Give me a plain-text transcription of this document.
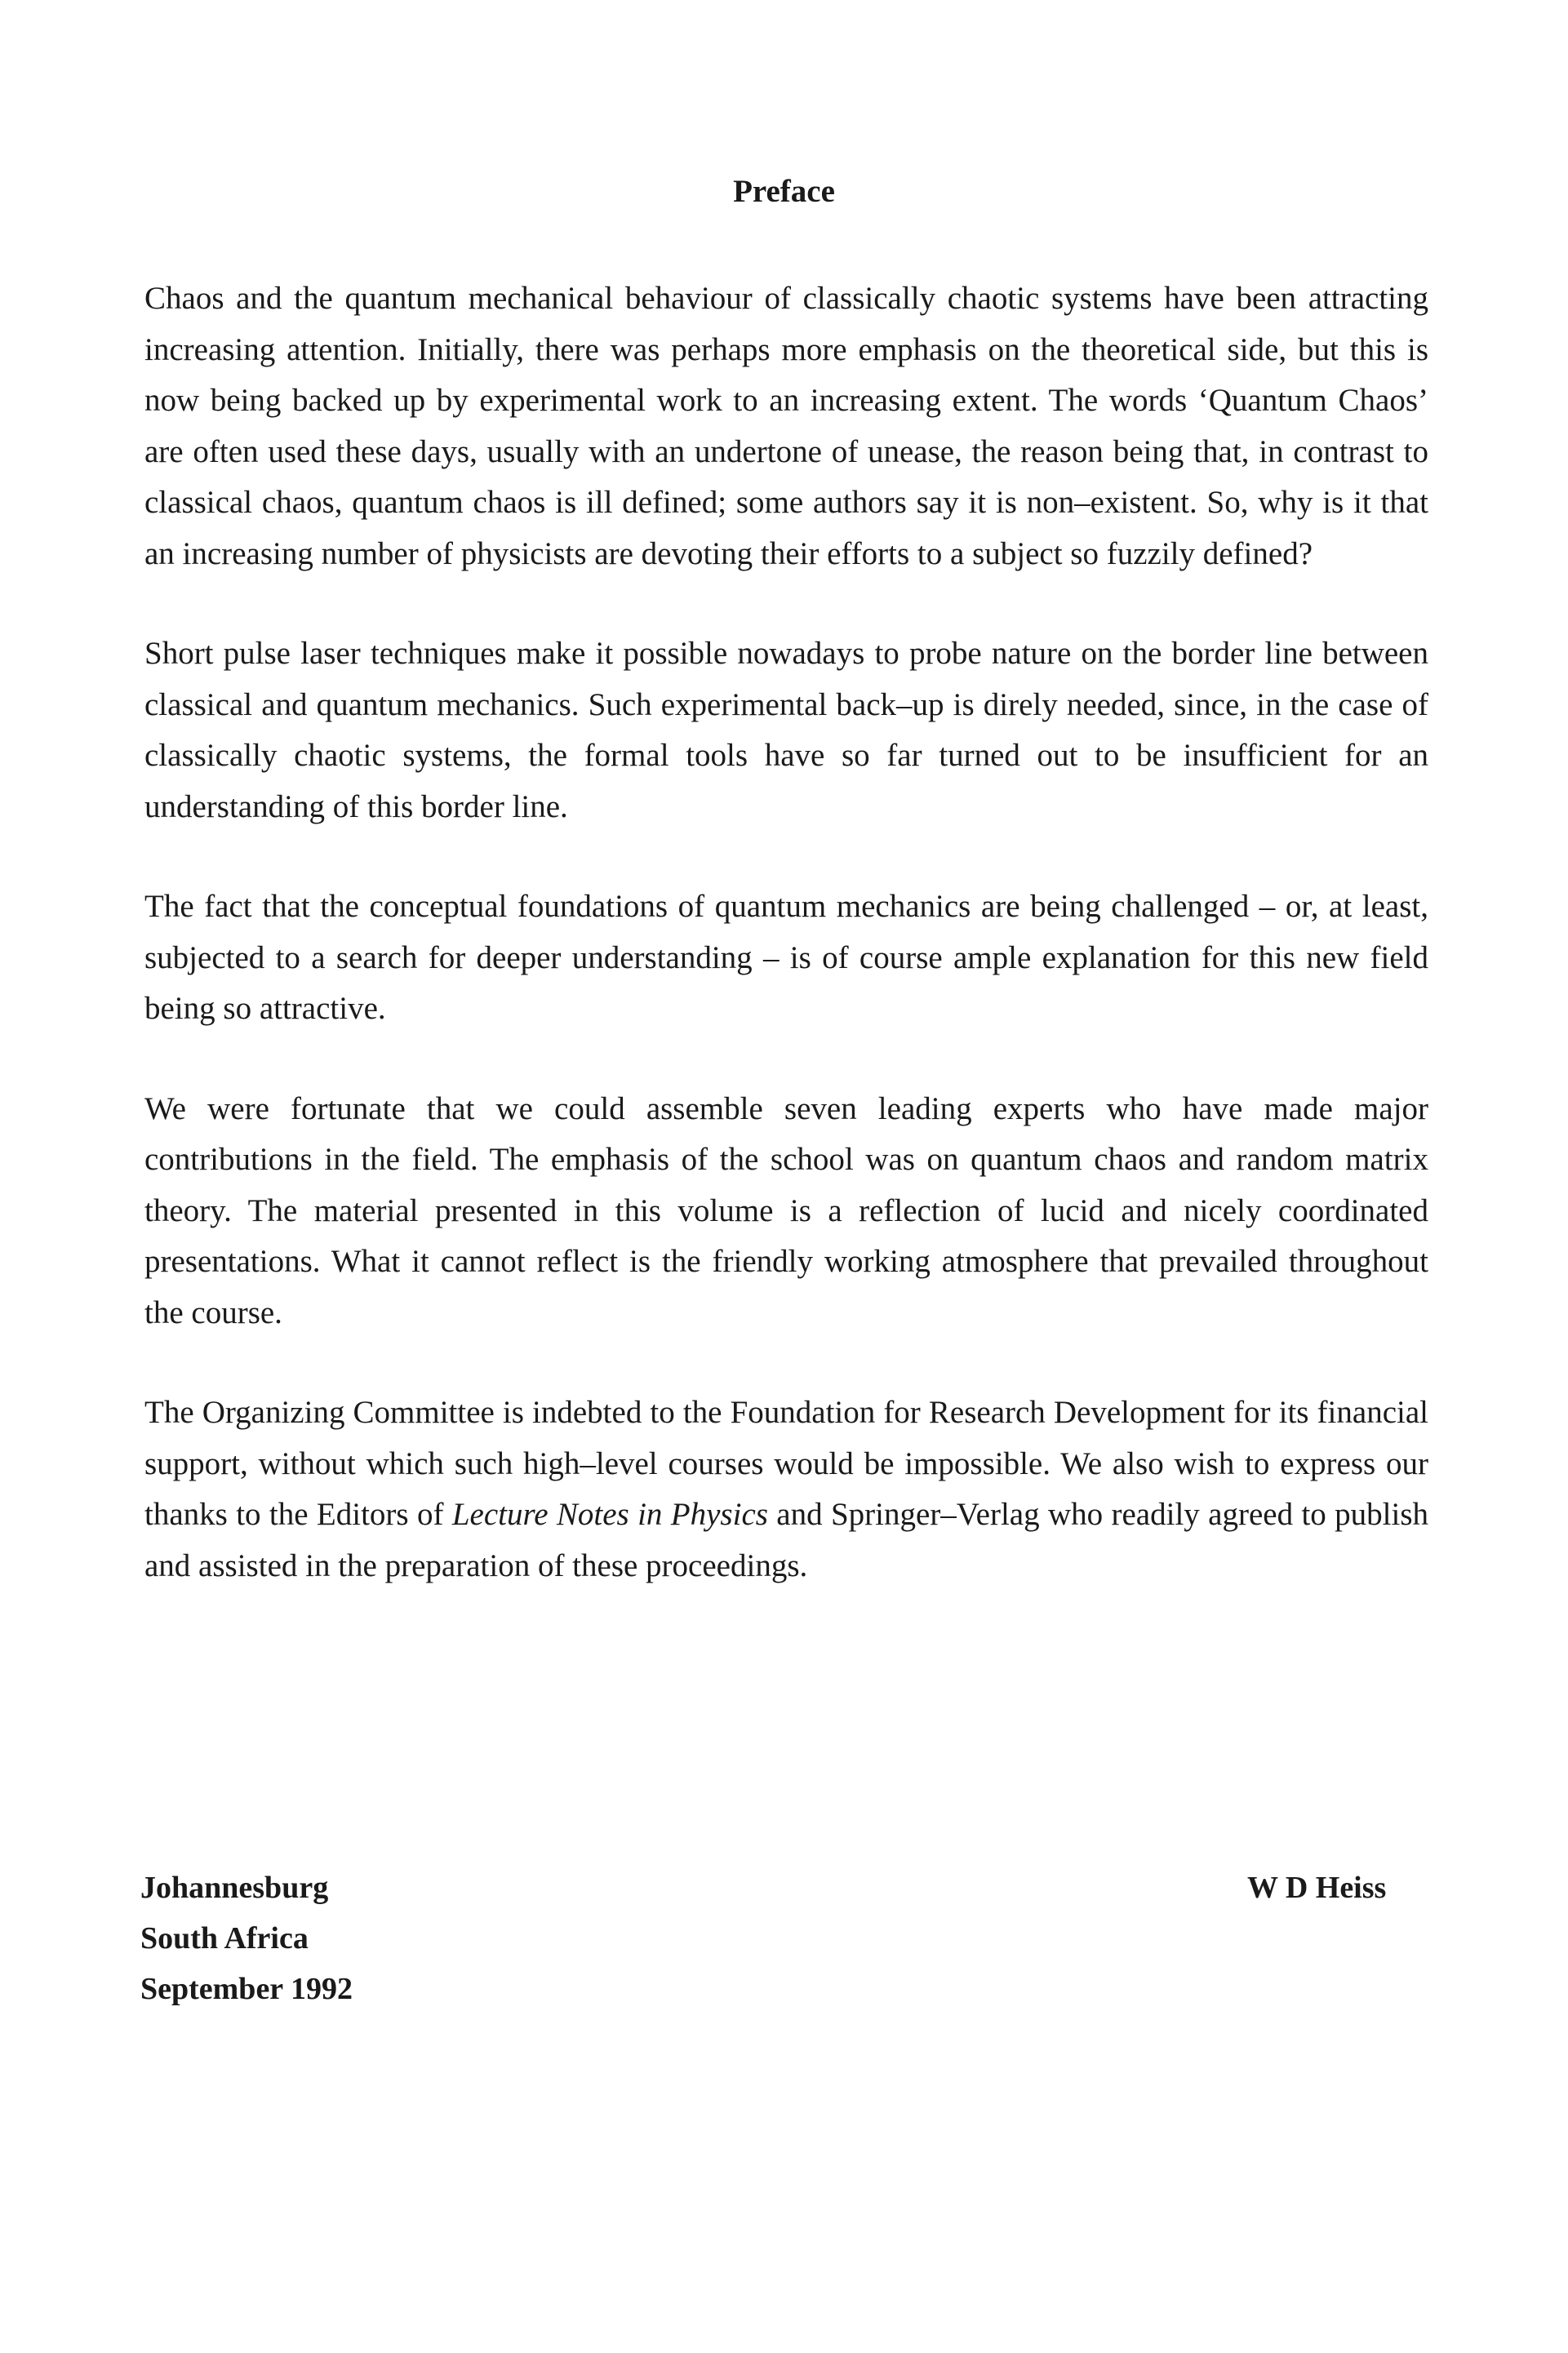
Preface

Chaos and the quantum mechanical behaviour of classically chaotic systems have been attracting increasing attention. Initially, there was perhaps more emphasis on the theoretical side, but this is now being backed up by experimental work to an increasing extent. The words ‘Quantum Chaos’ are often used these days, usually with an undertone of unease, the reason being that, in contrast to classical chaos, quantum chaos is ill defined; some authors say it is non–existent. So, why is it that an increasing number of physicists are devoting their efforts to a subject so fuzzily defined?

Short pulse laser techniques make it possible nowadays to probe nature on the border line between classical and quantum mechanics. Such experimental back–up is direly needed, since, in the case of classically chaotic systems, the formal tools have so far turned out to be insufficient for an understanding of this border line.

The fact that the conceptual foundations of quantum mechanics are being challenged – or, at least, subjected to a search for deeper understanding – is of course ample explanation for this new field being so attractive.

We were fortunate that we could assemble seven leading experts who have made major contributions in the field. The emphasis of the school was on quantum chaos and random matrix theory. The material presented in this volume is a reflection of lucid and nicely coordinated presentations. What it cannot reflect is the friendly working atmosphere that prevailed throughout the course.

The Organizing Committee is indebted to the Foundation for Research Development for its financial support, without which such high–level courses would be impossible. We also wish to express our thanks to the Editors of Lecture Notes in Physics and Springer–Verlag who readily agreed to publish and assisted in the preparation of these proceedings.

Johannesburg
South Africa
September 1992
W D Heiss
